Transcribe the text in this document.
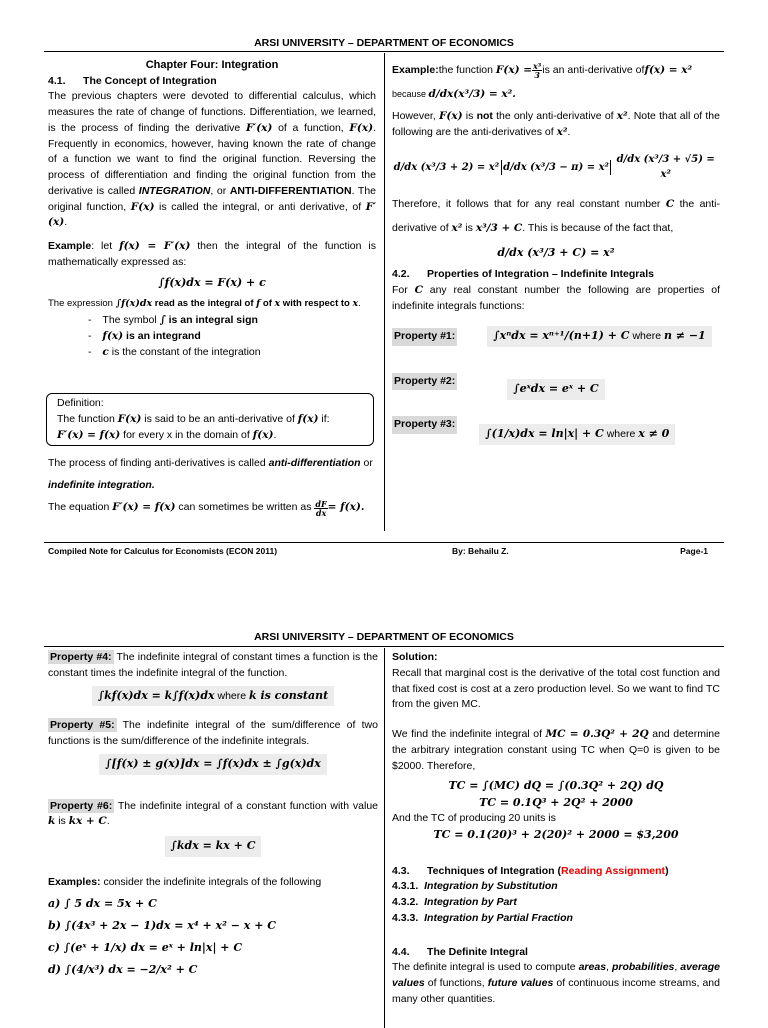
ARSI UNIVERSITY – DEPARTMENT OF ECONOMICS

Chapter Four: Integration

4.1. The Concept of Integration

The previous chapters were devoted to differential calculus, which measures the rate of change of functions. Differentiation, we learned, is the process of finding the derivative F′(x) of a function, F(x). Frequently in economics, however, having known the rate of change of a function we want to find the original function. Reversing the process of differentiation and finding the original function from the derivative is called INTEGRATION, or ANTI-DIFFERENTIATION. The original function, F(x) is called the integral, or anti derivative, of F′(x).

Example: let f(x) = F′(x) then the integral of the function is mathematically expressed as:

∫f(x)dx = F(x) + c

The expression ∫f(x)dx read as the integral of f of x with respect to x.

- The symbol ∫ is an integral sign
- f(x) is an integrand
- c is the constant of the integration

Definition:

The function F(x) is said to be an anti-derivative of f(x) if:
F′(x) = f(x) for every x in the domain of f(x).

The process of finding anti-derivatives is called anti-differentiation or

indefinite integration.

The equation
F′(x) = f(x)
can sometimes be written as
$\frac{dF}{dx} = f(x)$.

Example: the function
$F(x) = \frac{\text{x³}}{3}$ is an anti-derivative of f(x) = x²

because d/dx(x³/3) = x².

However, F(x) is not the only anti-derivative of x². Note that all of the following are the anti-derivatives of x².

d/dx (x³/3 + 2) = x² d/dx (x³/3 − π) = x²
d/dx (x³/3 + √5) = x²

Therefore, it follows that for any real constant number C the anti-derivative of x² is x³/3 + C. This is because of the fact that,

d/dx (x³/3 + C) = x²

4.2. Properties of Integration – Indefinite Integrals

For C any real constant number the following are properties of indefinite integrals functions:

Property #1:	∫xⁿdx = xⁿ⁺¹/(n+1) + C where n ≠ −1
Property #2:
∫eˣdx = eˣ + C
Property #3:
∫(1/x)dx = ln|x| + C where x ≠ 0
Compiled Note for Calculus for Economists (ECON 2011)	By: Behailu Z.	Page-1
ARSI UNIVERSITY – DEPARTMENT OF ECONOMICS

Property #4: The indefinite integral of constant times a function is the constant times the indefinite integral of the function.

∫kf(x)dx = k∫f(x)dx where k is constant

Property #5: The indefinite integral of the sum/difference of two functions is the sum/difference of the indefinite integrals.

∫[f(x) ± g(x)]dx = ∫f(x)dx ± ∫g(x)dx

Property #6: The indefinite integral of a constant function with value k is kx + C.

∫kdx = kx + C

Examples: consider the indefinite integrals of the following

a) ∫ 5 dx = 5x + C

b) ∫(4x³ + 2x − 1)dx = x⁴ + x² − x + C

c) ∫(eˣ + 1/x) dx = eˣ + ln|x| + C

d) ∫(4/x³) dx = −2/x² + C

Solution:

Recall that marginal cost is the derivative of the total cost function and that fixed cost is cost at a zero production level. So we want to find TC from the given MC.

We find the indefinite integral of MC = 0.3Q² + 2Q and determine the arbitrary integration constant using TC when Q=0 is given to be $2000. Therefore,

TC = ∫(MC) dQ = ∫(0.3Q² + 2Q) dQ

TC = 0.1Q³ + 2Q² + 2000

And the TC of producing 20 units is

TC = 0.1(20)³ + 2(20)² + 2000 = $3,200

4.3. Techniques of Integration (Reading Assignment)

4.3.1. Integration by Substitution

4.3.2. Integration by Part

4.3.3. Integration by Partial Fraction

4.4. The Definite Integral

The definite integral is used to compute areas, probabilities, average values of functions, future values of continuous income streams, and many other quantities.
